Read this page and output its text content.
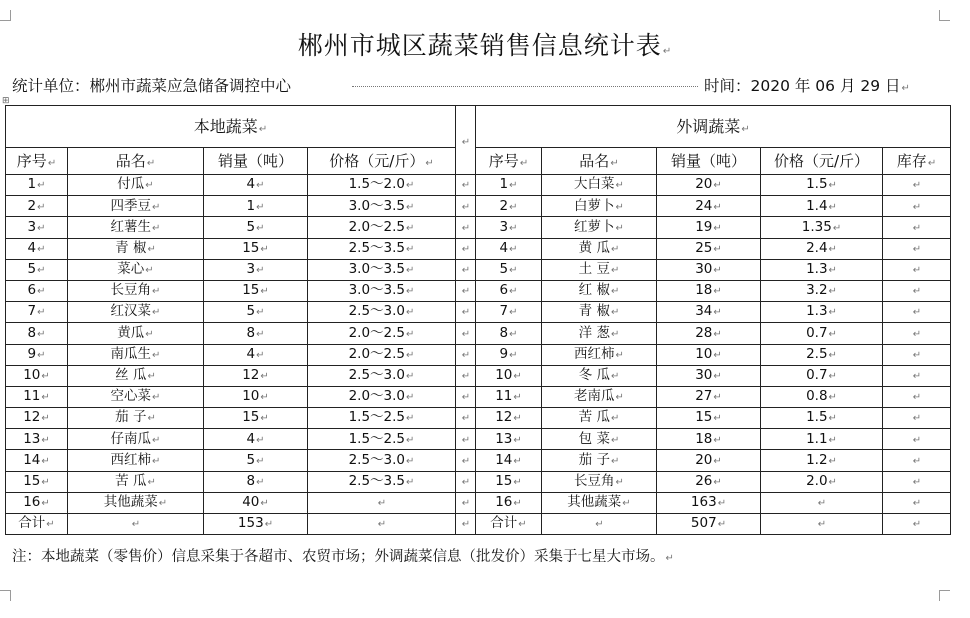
郴州市城区蔬菜销售信息统计表↵
统计单位：郴州市蔬菜应急储备调控中心	时间：2020 年 06 月 29 日↵
⊞
本地蔬菜↵				↵	外调蔬菜↵				
序号↵	品名↵	销量（吨）	价格（元/斤）↵		序号↵	品名↵	销量（吨）	价格（元/斤）	库存↵
1↵	付瓜↵	4↵	1.5～2.0↵	↵	1↵	大白菜↵	20↵	1.5↵	↵
2↵	四季豆↵	1↵	3.0～3.5↵	↵	2↵	白萝卜↵	24↵	1.4↵	↵
3↵	红薯生↵	5↵	2.0～2.5↵	↵	3↵	红萝卜↵	19↵	1.35↵	↵
4↵	青 椒↵	15↵	2.5～3.5↵	↵	4↵	黄 瓜↵	25↵	2.4↵	↵
5↵	菜心↵	3↵	3.0～3.5↵	↵	5↵	土 豆↵	30↵	1.3↵	↵
6↵	长豆角↵	15↵	3.0～3.5↵	↵	6↵	红 椒↵	18↵	3.2↵	↵
7↵	红汉菜↵	5↵	2.5～3.0↵	↵	7↵	青 椒↵	34↵	1.3↵	↵
8↵	黄瓜↵	8↵	2.0～2.5↵	↵	8↵	洋 葱↵	28↵	0.7↵	↵
9↵	南瓜生↵	4↵	2.0～2.5↵	↵	9↵	西红柿↵	10↵	2.5↵	↵
10↵	丝 瓜↵	12↵	2.5～3.0↵	↵	10↵	冬 瓜↵	30↵	0.7↵	↵
11↵	空心菜↵	10↵	2.0～3.0↵	↵	11↵	老南瓜↵	27↵	0.8↵	↵
12↵	茄 子↵	15↵	1.5～2.5↵	↵	12↵	苦 瓜↵	15↵	1.5↵	↵
13↵	仔南瓜↵	4↵	1.5～2.5↵	↵	13↵	包 菜↵	18↵	1.1↵	↵
14↵	西红柿↵	5↵	2.5～3.0↵	↵	14↵	茄 子↵	20↵	1.2↵	↵
15↵	苦 瓜↵	8↵	2.5～3.5↵	↵	15↵	长豆角↵	26↵	2.0↵	↵
16↵	其他蔬菜↵	40↵	↵	↵	16↵	其他蔬菜↵	163↵	↵	↵
合计↵	↵	153↵	↵	↵	合计↵	↵	507↵	↵	↵
注：本地蔬菜（零售价）信息采集于各超市、农贸市场；外调蔬菜信息（批发价）采集于七星大市场。↵
